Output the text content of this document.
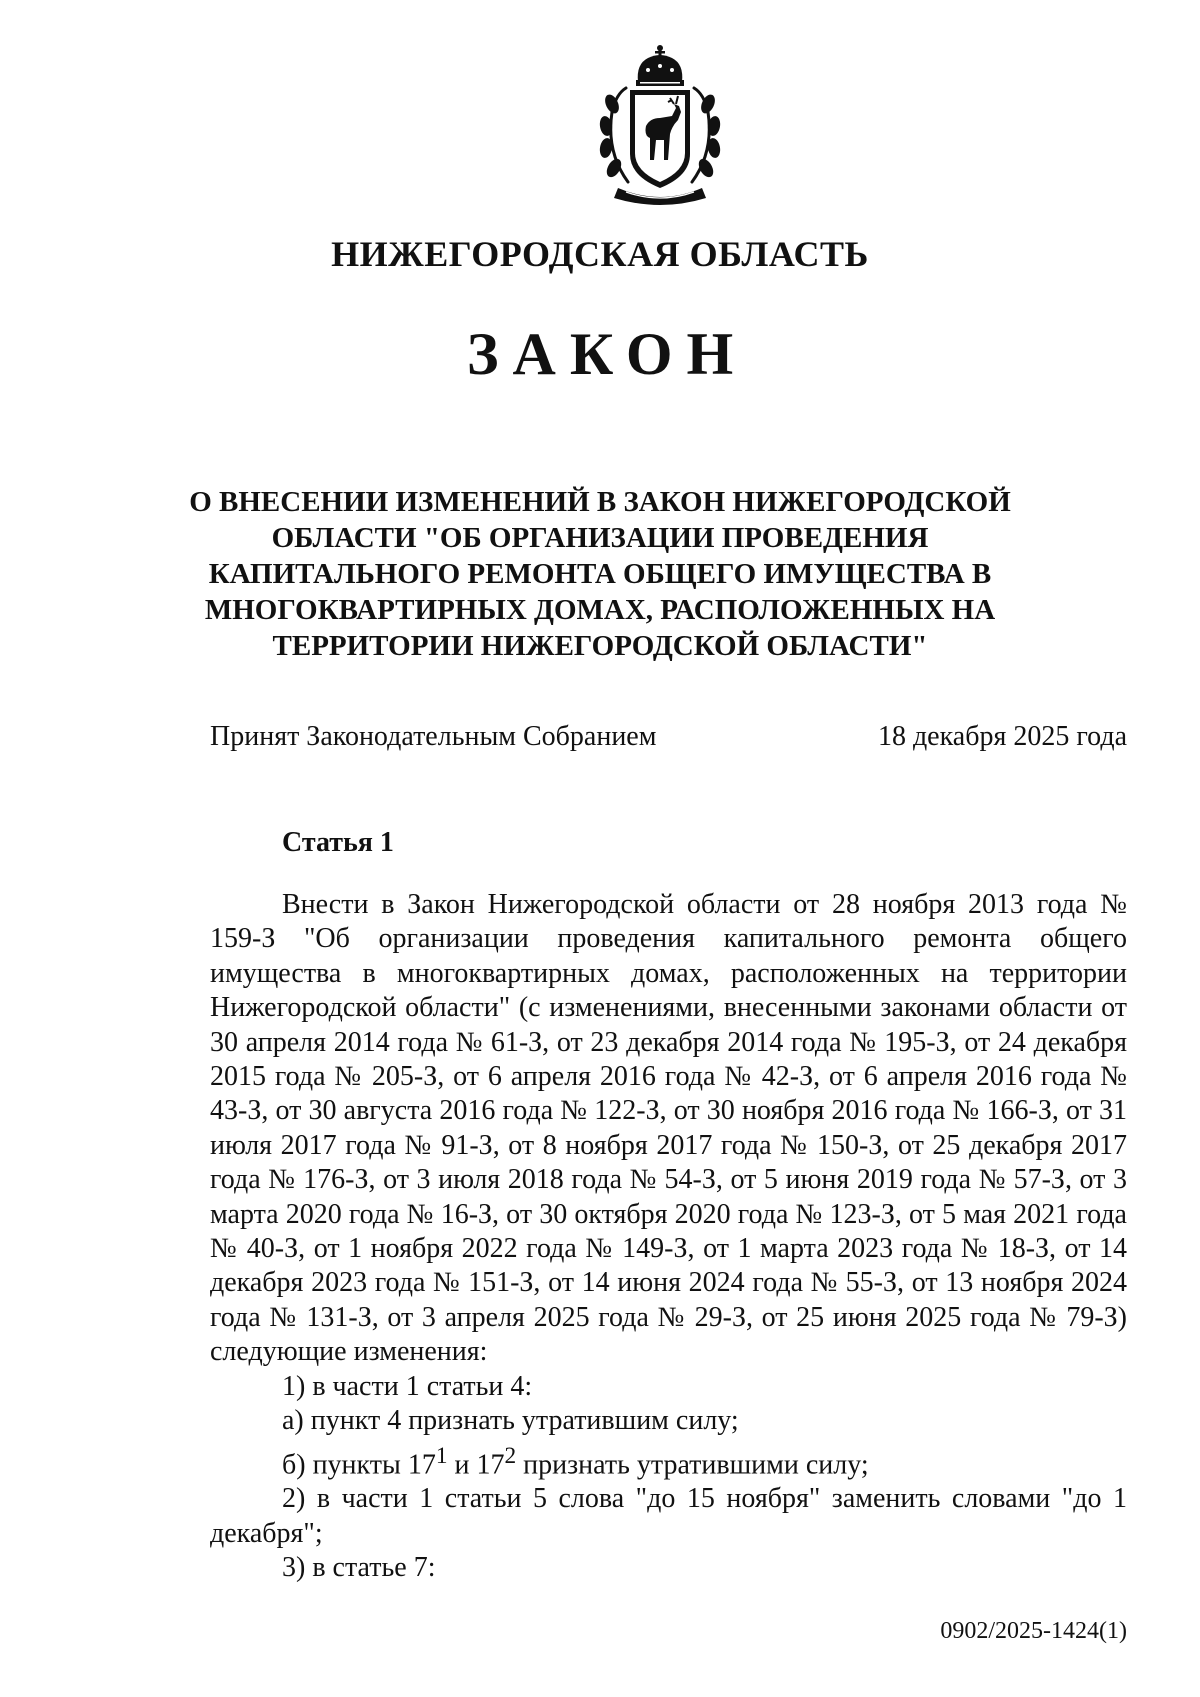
НИЖЕГОРОДСКАЯ ОБЛАСТЬ
ЗАКОН
О ВНЕСЕНИИ ИЗМЕНЕНИЙ В ЗАКОН НИЖЕГОРОДСКОЙ ОБЛАСТИ "ОБ ОРГАНИЗАЦИИ ПРОВЕДЕНИЯ КАПИТАЛЬНОГО РЕМОНТА ОБЩЕГО ИМУЩЕСТВА В МНОГОКВАРТИРНЫХ ДОМАХ, РАСПОЛОЖЕННЫХ НА ТЕРРИТОРИИ НИЖЕГОРОДСКОЙ ОБЛАСТИ"
Принят Законодательным Собранием	18 декабря 2025 года
Статья 1

Внести в Закон Нижегородской области от 28 ноября 2013 года № 159-З "Об организации проведения капитального ремонта общего имущества в многоквартирных домах, расположенных на территории Нижегородской области" (с изменениями, внесенными законами области от 30 апреля 2014 года № 61-З, от 23 декабря 2014 года № 195-З, от 24 декабря 2015 года № 205-З, от 6 апреля 2016 года № 42-З, от 6 апреля 2016 года № 43-З, от 30 августа 2016 года № 122-З, от 30 ноября 2016 года № 166-З, от 31 июля 2017 года № 91-З, от 8 ноября 2017 года № 150-З, от 25 декабря 2017 года № 176-З, от 3 июля 2018 года № 54-З, от 5 июня 2019 года № 57-З, от 3 марта 2020 года № 16-З, от 30 октября 2020 года № 123-З, от 5 мая 2021 года № 40-З, от 1 ноября 2022 года № 149-З, от 1 марта 2023 года № 18-З, от 14 декабря 2023 года № 151-З, от 14 июня 2024 года № 55-З, от 13 ноября 2024 года № 131-З, от 3 апреля 2025 года № 29-З, от 25 июня 2025 года № 79-З) следующие изменения:

1) в части 1 статьи 4:

а) пункт 4 признать утратившим силу;

б) пункты $17^1$ и $17^2$ признать утратившими силу;

2) в части 1 статьи 5 слова "до 15 ноября" заменить словами "до 1 декабря";

3) в статье 7:

0902/2025-1424(1)
